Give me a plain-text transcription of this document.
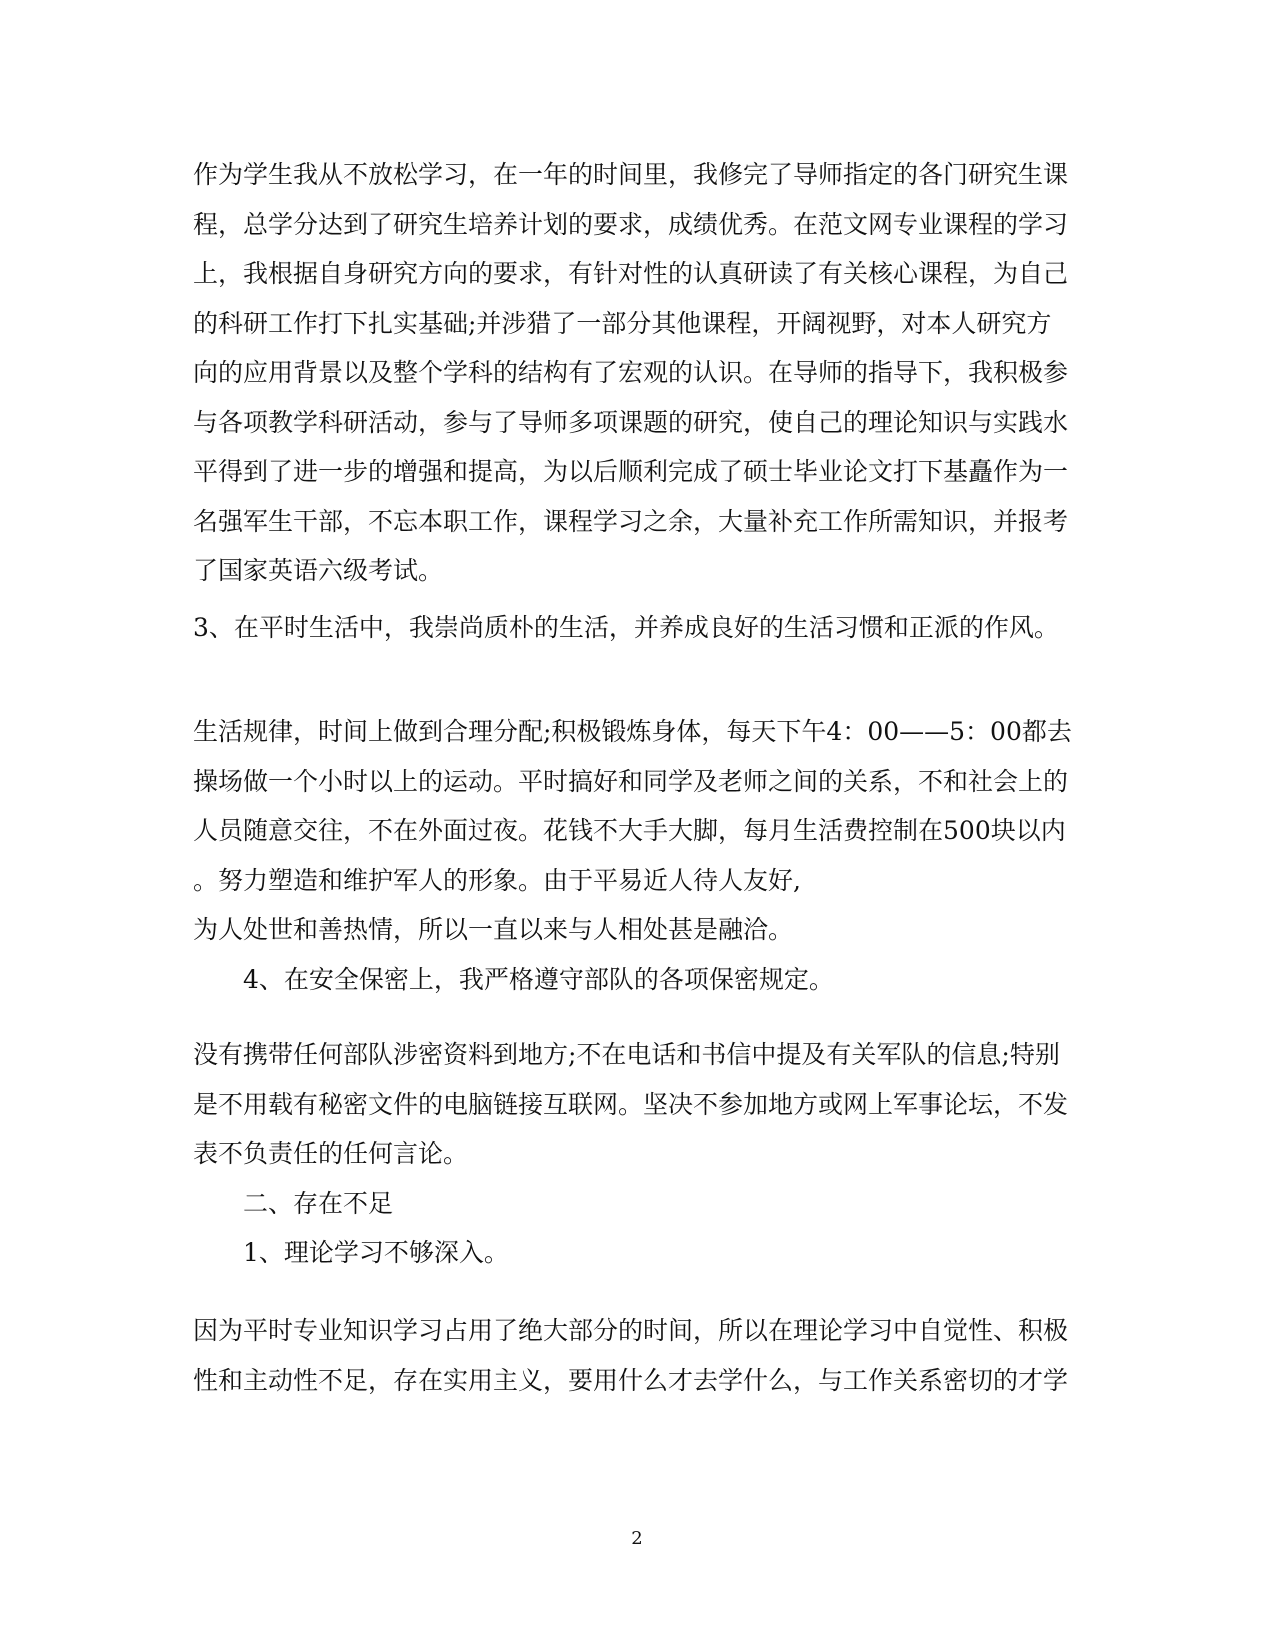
作为学生我从不放松学习，在一年的时间里，我修完了导师指定的各门研究生课
程，总学分达到了研究生培养计划的要求，成绩优秀。在范文网专业课程的学习
上，我根据自身研究方向的要求，有针对性的认真研读了有关核心课程，为自己
的科研工作打下扎实基础;并涉猎了一部分其他课程，开阔视野，对本人研究方
向的应用背景以及整个学科的结构有了宏观的认识。在导师的指导下，我积极参
与各项教学科研活动，参与了导师多项课题的研究，使自己的理论知识与实践水
平得到了进一步的增强和提高，为以后顺利完成了硕士毕业论文打下基矗作为一
名强军生干部，不忘本职工作，课程学习之余，大量补充工作所需知识，并报考
了国家英语六级考试。
3、在平时生活中，我崇尚质朴的生活，并养成良好的生活习惯和正派的作风。
生活规律，时间上做到合理分配;积极锻炼身体，每天下午4：00——5：00都去
操场做一个小时以上的运动。平时搞好和同学及老师之间的关系，不和社会上的
人员随意交往，不在外面过夜。花钱不大手大脚，每月生活费控制在500块以内
。努力塑造和维护军人的形象。由于平易近人待人友好,
为人处世和善热情，所以一直以来与人相处甚是融洽。
4、在安全保密上，我严格遵守部队的各项保密规定。
没有携带任何部队涉密资料到地方;不在电话和书信中提及有关军队的信息;特别
是不用载有秘密文件的电脑链接互联网。坚决不参加地方或网上军事论坛，不发
表不负责任的任何言论。
二、存在不足
1、理论学习不够深入。
因为平时专业知识学习占用了绝大部分的时间，所以在理论学习中自觉性、积极
性和主动性不足，存在实用主义，要用什么才去学什么，与工作关系密切的才学
2
